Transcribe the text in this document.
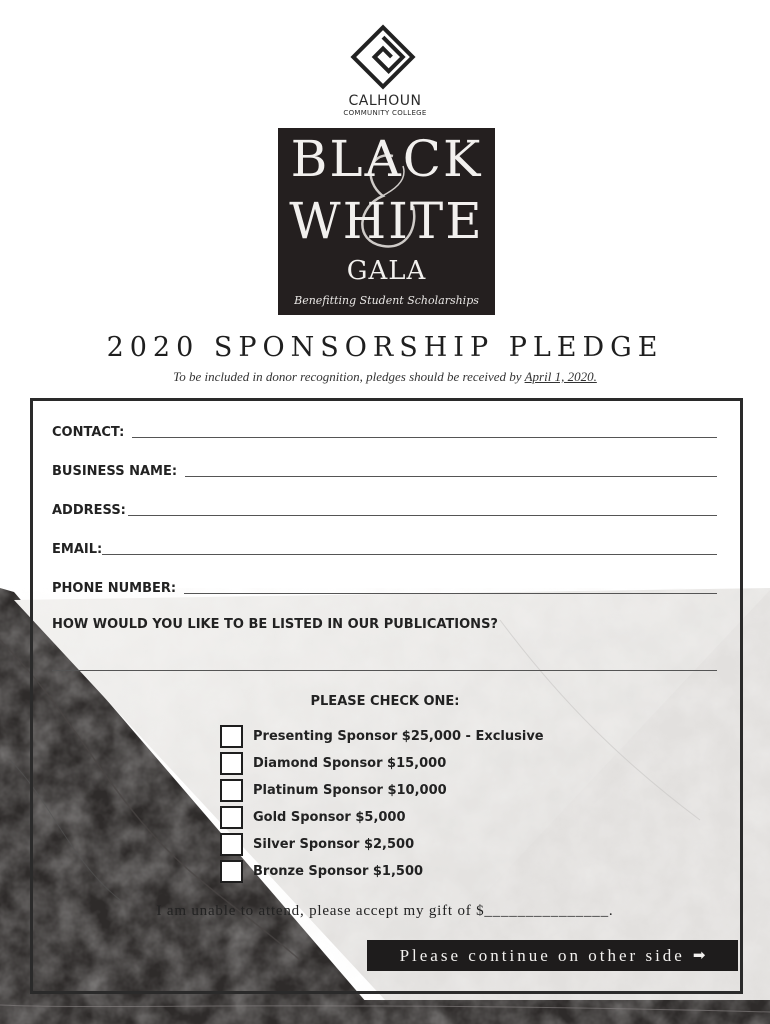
CALHOUN
COMMUNITY COLLEGE
BLACK
WHITE
GALA
Benefitting Student Scholarships
2020 SPONSORSHIP PLEDGE
To be included in donor recognition, pledges should be received by April 1, 2020.
CONTACT:
BUSINESS NAME:
ADDRESS:
EMAIL:
PHONE NUMBER:
HOW WOULD YOU LIKE TO BE LISTED IN OUR PUBLICATIONS?
PLEASE CHECK ONE:
Presenting Sponsor $25,000 - Exclusive
Diamond Sponsor $15,000
Platinum Sponsor $10,000
Gold Sponsor $5,000
Silver Sponsor $2,500
Bronze Sponsor $1,500
I am unable to attend, please accept my gift of $_______________.
Please continue on other side ➡
